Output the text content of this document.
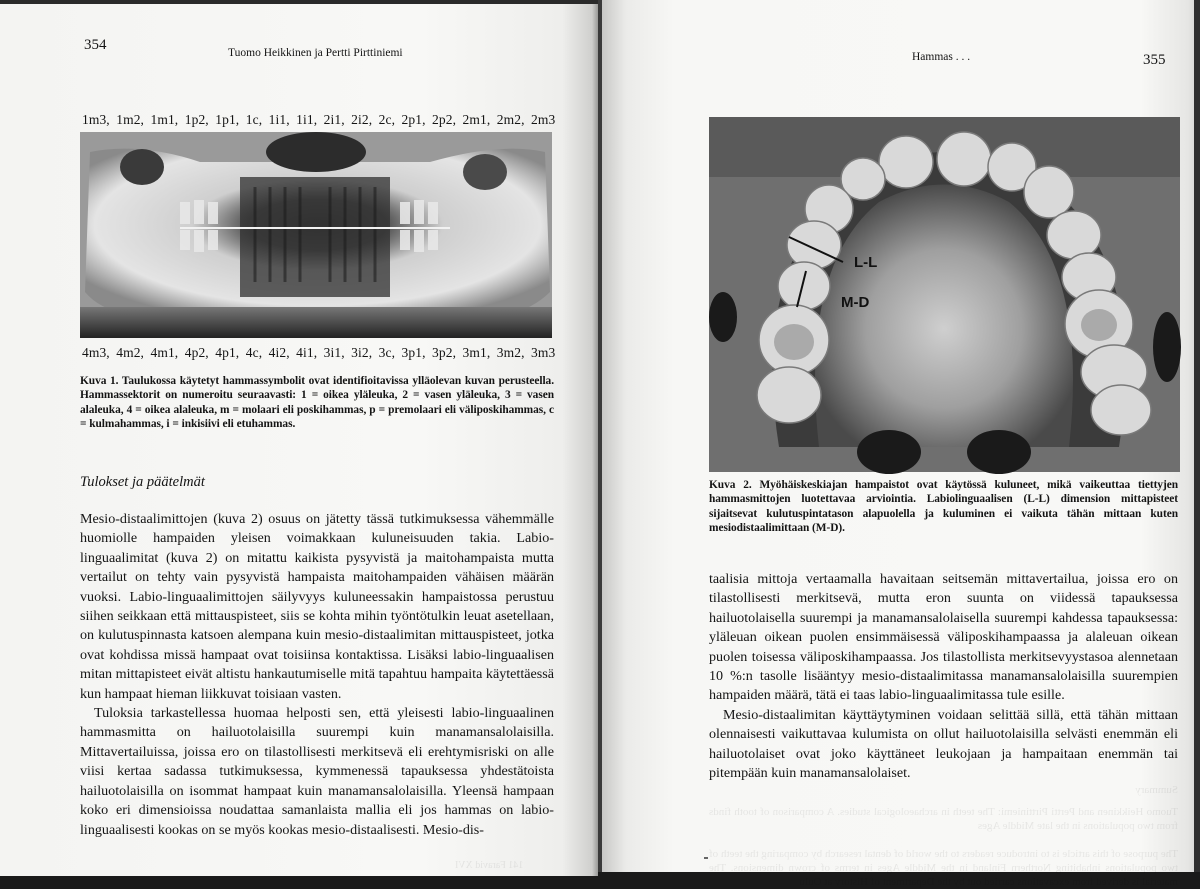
354	Tuomo Heikkinen ja Pertti Pirttiniemi
1m3, 1m2, 1m1, 1p2, 1p1, 1c, 1i1, 1i1, 2i1, 2i2, 2c, 2p1, 2p2, 2m1, 2m2, 2m3
4m3, 4m2, 4m1, 4p2, 4p1, 4c, 4i2, 4i1, 3i1, 3i2, 3c, 3p1, 3p2, 3m1, 3m2, 3m3
Kuva 1. Taulukossa käytetyt hammassymbolit ovat identifioitavissa ylläolevan kuvan perusteella. Hammassektorit on numeroitu seuraavasti: 1 = oikea yläleuka, 2 = vasen yläleuka, 3 = vasen alaleuka, 4 = oikea alaleuka, m = molaari eli poskihammas, p = premolaari eli väliposkihammas, c = kulmahammas, i = inkisiivi eli etuhammas.
Tulokset ja päätelmät

Mesio-distaalimittojen (kuva 2) osuus on jätetty tässä tutkimuksessa vähemmälle huomiolle hampaiden yleisen voimakkaan kuluneisuuden takia. Labio-linguaalimitat (kuva 2) on mitattu kaikista pysyvistä ja maitohampaista mutta vertailut on tehty vain pysyvistä hampaista maitohampaiden vähäisen määrän vuoksi. Labio-linguaalimittojen säilyvyys kuluneessakin hampaistossa perustuu siihen seikkaan että mittauspisteet, siis se kohta mihin työntötulkin leuat asetellaan, on kulutuspinnasta katsoen alempana kuin mesio-distaalimitan mittauspisteet, jotka ovat kohdissa missä hampaat ovat toisiinsa kontaktissa. Lisäksi labio-linguaalisen mitan mittapisteet eivät altistu hankautumiselle mitä tapahtuu hampaita käytettäessä kun hampaat hieman liikkuvat toisiaan vasten.

Tuloksia tarkastellessa huomaa helposti sen, että yleisesti labio-linguaalinen hammasmitta on hailuotolaisilla suurempi kuin manamansalolaisilla. Mittavertailuissa, joissa ero on tilastollisesti merkitsevä eli erehtymisriski on alle viisi kertaa sadassa tutkimuksessa, kymmenessä tapauksessa yhdestätoista hailuotolaisilla on isommat hampaat kuin manamansalolaisilla. Yleensä hampaan koko eri dimensioissa noudattaa samanlaista mallia eli jos hammas on labio-linguaalisesti kookas on se myös kookas mesio-distaalisesti. Mesio-dis-

141 Faravid XVI
Hammas . . .	355
L-L
M-D
Kuva 2. Myöhäiskeskiajan hampaistot ovat käytössä kuluneet, mikä vaikeuttaa tiettyjen hammasmittojen luotettavaa arviointia. Labiolinguaalisen (L-L) dimension mittapisteet sijaitsevat kulutuspintatason alapuolella ja kuluminen ei vaikuta tähän mittaan kuten mesiodistaalimittaan (M-D).

taalisia mittoja vertaamalla havaitaan seitsemän mittavertailua, joissa ero on tilastollisesti merkitsevä, mutta eron suunta on viidessä tapauksessa hailuotolaisella suurempi ja manamansalolaisella suurempi kahdessa tapauksessa: yläleuan oikean puolen ensimmäisessä väliposkihampaassa ja alaleuan oikean puolen toisessa väliposkihampaassa. Jos tilastollista merkitsevyystasoa alennetaan 10 %:n tasolle lisääntyy mesio-distaalimitassa manamansalolaisilla suurempien hampaiden määrä, tätä ei taas labio-linguaalimitassa tule esille.

Mesio-distaalimitan käyttäytyminen voidaan selittää sillä, että tähän mittaan olennaisesti vaikuttavaa kulumista on ollut hailuotolaisilla selvästi enemmän eli hailuotolaiset ovat joko käyttäneet leukojaan ja hampaitaan enemmän tai pitempään kuin manamansalolaiset.

Summary
Tuomo Heikkinen and Pertti Pirttiniemi: The teeth in archaeological studies. A comparison of tooth finds from two populations in the late Middle Ages
The purpose of this article is to introduce readers to the world of dental research by comparing the teeth of two populations inhabiting Northern Finland in the Middle Ages in terms of crown dimensions. The material is derived from excavations carried out by the Department of History at Oulu
